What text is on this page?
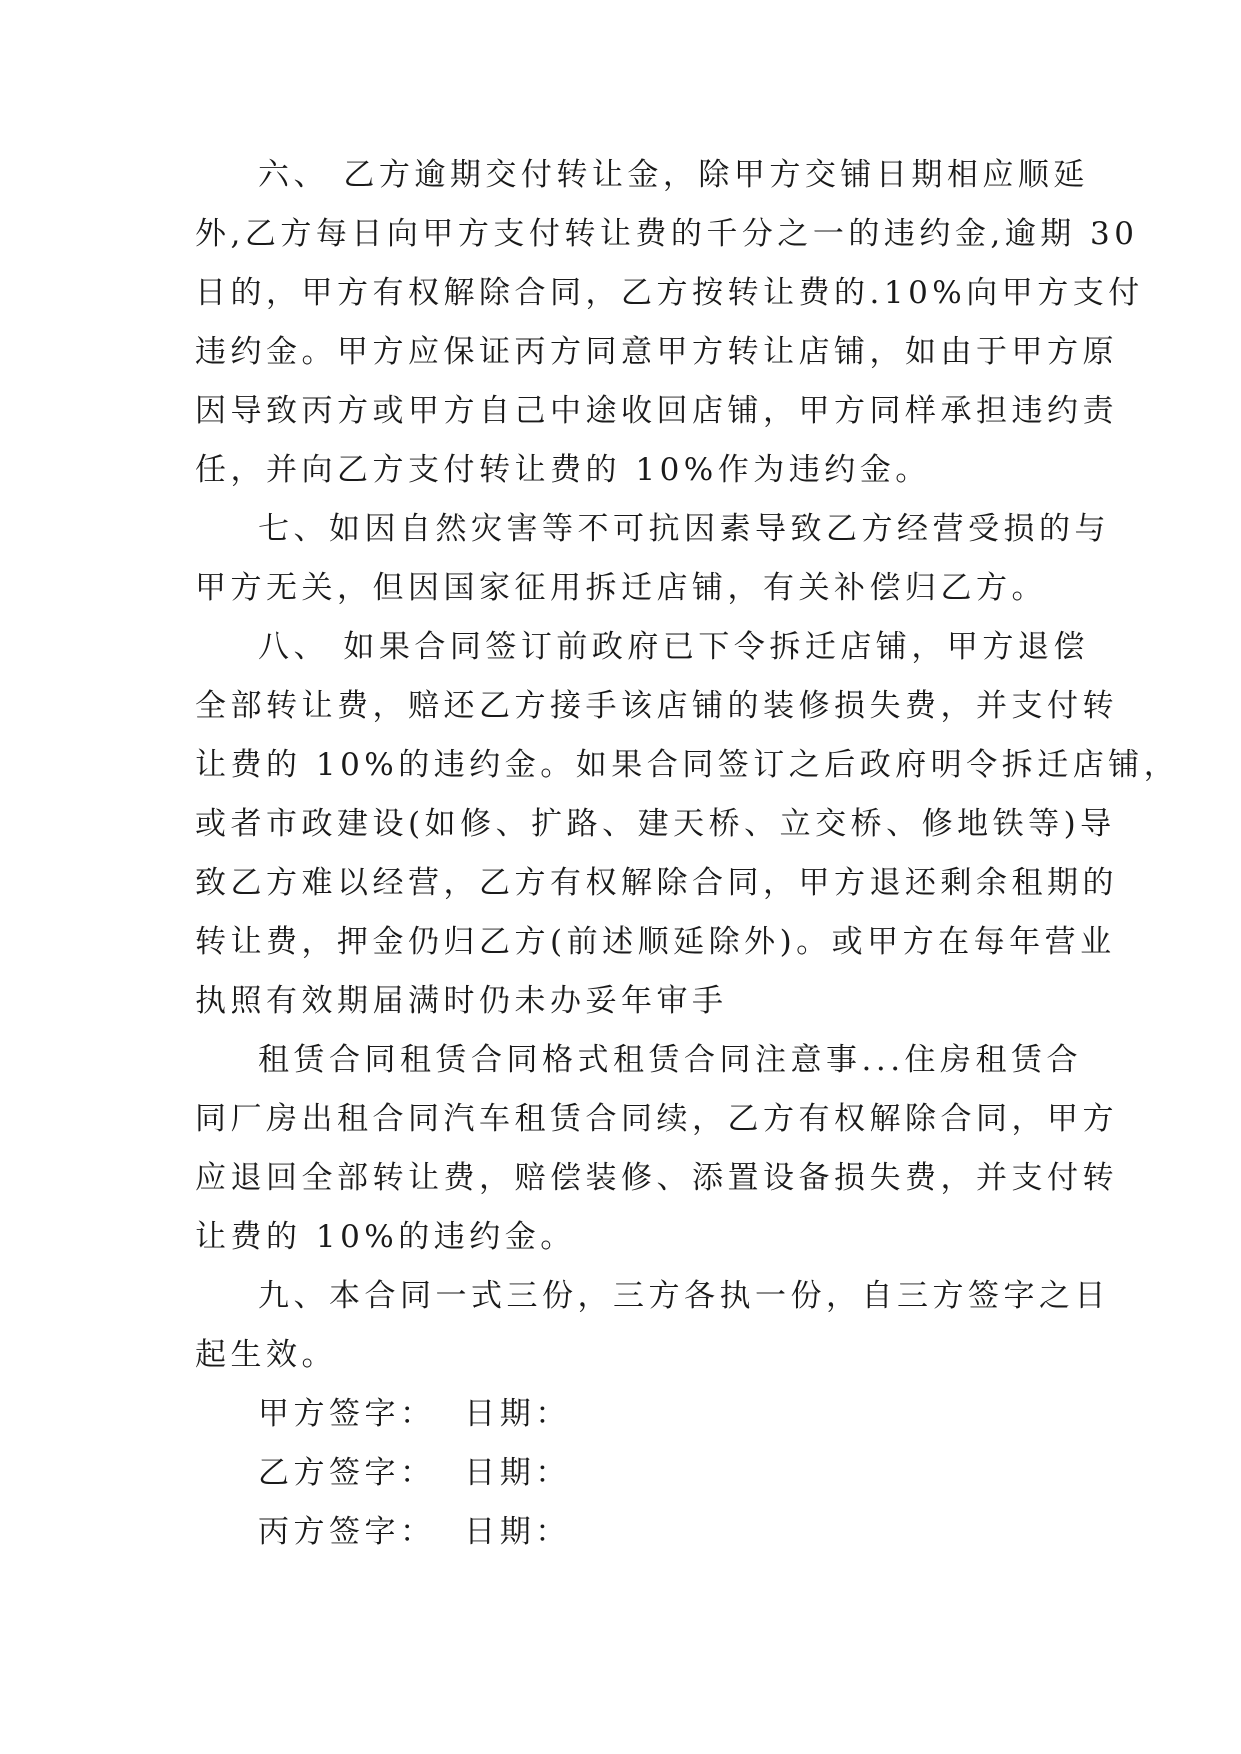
六、 乙方逾期交付转让金，除甲方交铺日期相应顺延
外,乙方每日向甲方支付转让费的千分之一的违约金,逾期 30
日的，甲方有权解除合同，乙方按转让费的.10%向甲方支付
违约金。甲方应保证丙方同意甲方转让店铺，如由于甲方原
因导致丙方或甲方自己中途收回店铺，甲方同样承担违约责
任，并向乙方支付转让费的 10%作为违约金。
七、如因自然灾害等不可抗因素导致乙方经营受损的与
甲方无关，但因国家征用拆迁店铺，有关补偿归乙方。
八、 如果合同签订前政府已下令拆迁店铺，甲方退偿
全部转让费，赔还乙方接手该店铺的装修损失费，并支付转
让费的 10%的违约金。如果合同签订之后政府明令拆迁店铺，
或者市政建设(如修、扩路、建天桥、立交桥、修地铁等)导
致乙方难以经营，乙方有权解除合同，甲方退还剩余租期的
转让费，押金仍归乙方(前述顺延除外)。或甲方在每年营业
执照有效期届满时仍未办妥年审手
租赁合同租赁合同格式租赁合同注意事...住房租赁合
同厂房出租合同汽车租赁合同续，乙方有权解除合同，甲方
应退回全部转让费，赔偿装修、添置设备损失费，并支付转
让费的 10%的违约金。
九、本合同一式三份，三方各执一份，自三方签字之日
起生效。
甲方签字： 日期：
乙方签字： 日期：
丙方签字： 日期：
